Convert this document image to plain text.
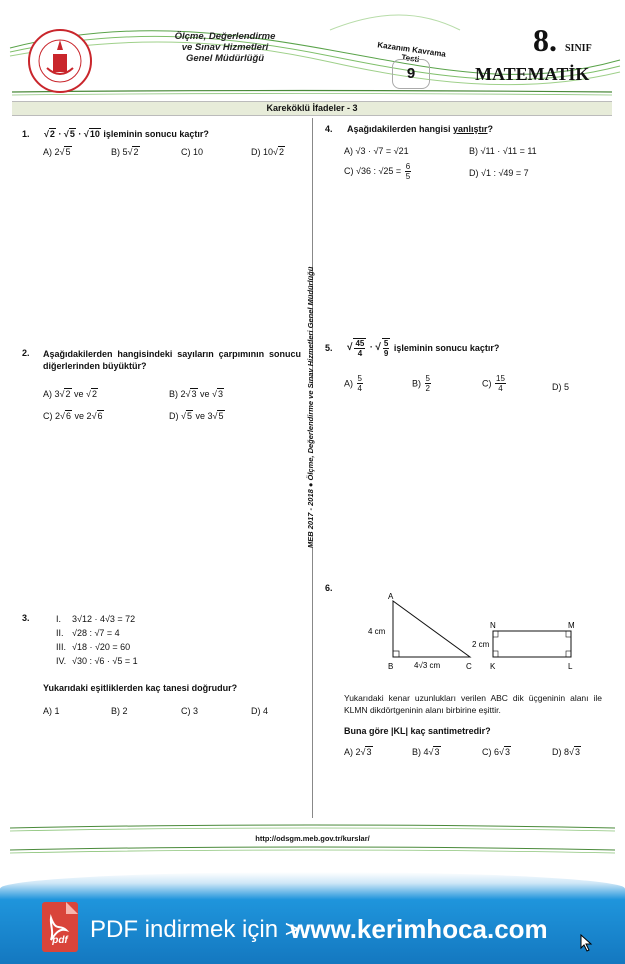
Ölçme, Değerlendirme
ve Sınav Hizmetleri
Genel Müdürlüğü	Kazanım Kavrama Testi
9
8. SINIF
MATEMATİK
Kareköklü İfadeler - 3
MEB 2017 - 2018 ● Ölçme, Değerlendirme ve Sınav Hizmetleri Genel Müdürlüğü
1. √2 · √5 · √10 işleminin sonucu kaçtır?
A) 2√5	B) 5√2	C) 10	D) 10√2
2. Aşağıdakilerden hangisindeki sayıların çarpımının sonucu diğerlerinden büyüktür?
A) 3√2 ve √2	B) 2√3 ve √3
C) 2√6 ve 2√6	D) √5 ve 3√5
3.	I. 3√12 · 4√3 = 72
II. √28 : √7 = 4
III. √18 · √20 = 60
IV. √30 : √6 · √5 = 1
Yukarıdaki eşitliklerden kaç tanesi doğrudur?
A) 1	B) 2	C) 3	D) 4
4. Aşağıdakilerden hangisi yanlıştır?
A) √3 · √7 = √21	B) √11 · √11 = 11
C) √36 : $√25 = \frac{6}{5}$	D) √1 : √49 = 7
5. √ $\frac{45}{4}$ · √ $\frac{5}{9}$ işleminin sonucu kaçtır?
$A) \frac{5}{4}$	$B) \frac{5}{2}$	$C) \frac{15}{4}$	D) 5
6.
A
B	C
4 cm
4√3 cm
N	M
K	L
2 cm
Yukarıdaki kenar uzunlukları verilen ABC dik üçgeninin alanı ile KLMN dikdörtgeninin alanı birbirine eşittir.
Buna göre |KL| kaç santimetredir?
A) 2√3	B) 4√3	C) 6√3	D) 8√3
http://odsgm.meb.gov.tr/kurslar/
pdf PDF indirmek için >
www.kerimhoca.com
